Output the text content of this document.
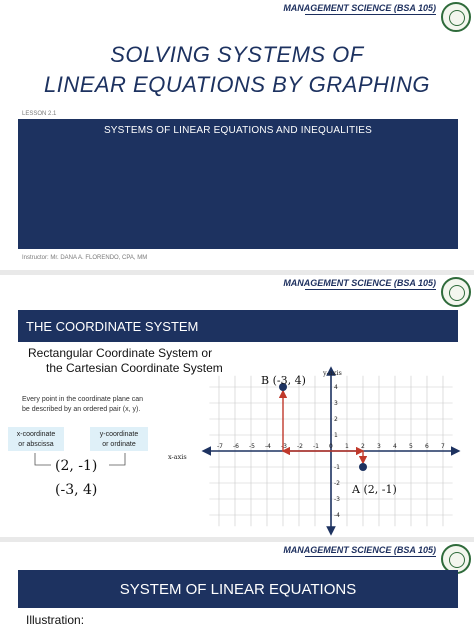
MANAGEMENT SCIENCE (BSA 105)
SOLVING SYSTEMS OF
LINEAR EQUATIONS BY GRAPHING
LESSON 2.1
SYSTEMS OF LINEAR EQUATIONS AND INEQUALITIES
Instructor: Mr. DANA A. FLORENDO, CPA, MM
MANAGEMENT SCIENCE (BSA 105)
THE COORDINATE SYSTEM
Rectangular Coordinate System or
the Cartesian Coordinate System
Every point in the coordinate plane can
be described by an ordered pair (x, y).
x-coordinate
or abscissa
y-coordinate
or ordinate
(2, -1)
(-3, 4)
-7 -6 -5 -4 -3 -2 -1 0 1 2 3 4 5 6 7
4
3
2
1
-1
-2
-3
-4
x-axis
y-axis
B (-3, 4)
A (2, -1)
MANAGEMENT SCIENCE (BSA 105)
SYSTEM OF LINEAR EQUATIONS
Illustration:
